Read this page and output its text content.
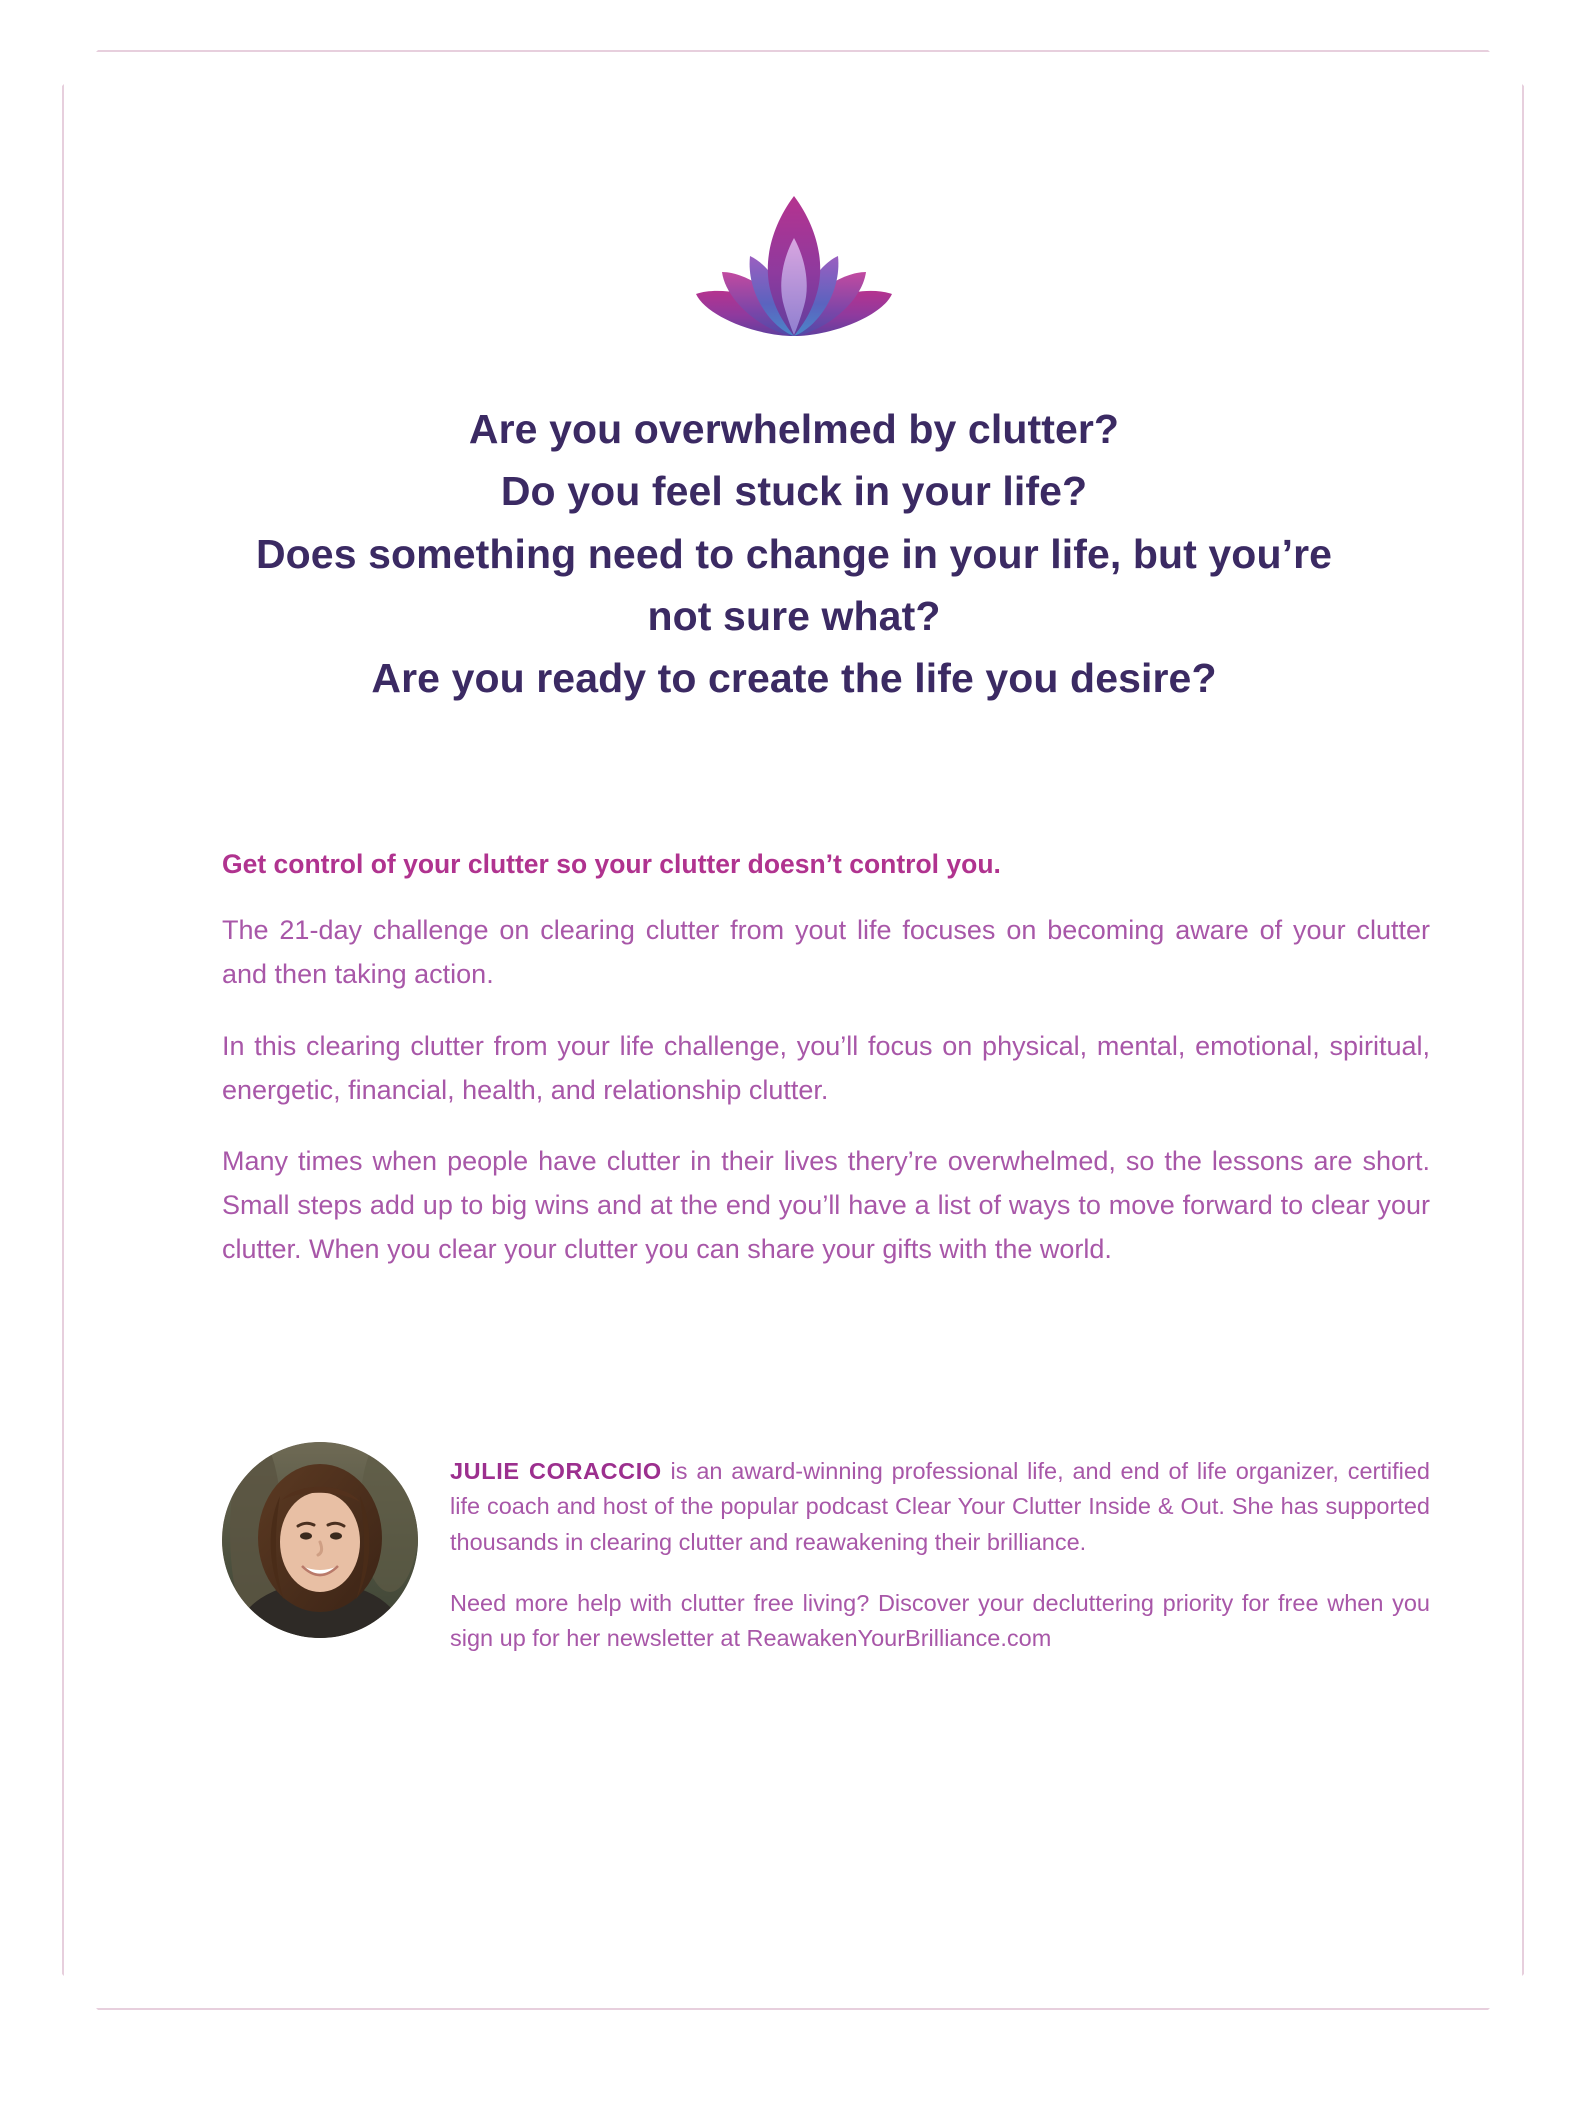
Are you overwhelmed by clutter?
Do you feel stuck in your life?
Does something need to change in your life, but you’re
not sure what?
Are you ready to create the life you desire?

Get control of your clutter so your clutter doesn’t control you.

The 21-day challenge on clearing clutter from yout life focuses on becoming aware of your clutter and then taking action.

In this clearing clutter from your life challenge, you’ll focus on physical, mental, emotional, spiritual, energetic, financial, health, and relationship clutter.

Many times when people have clutter in their lives thery’re overwhelmed, so the lessons are short. Small steps add up to big wins and at the end you’ll have a list of ways to move forward to clear your clutter. When you clear your clutter you can share your gifts with the world.

JULIE CORACCIO is an award-winning professional life, and end of life organizer, certified life coach and host of the popular podcast Clear Your Clutter Inside & Out. She has supported thousands in clearing clutter and reawakening their brilliance.

Need more help with clutter free living? Discover your decluttering priority for free when you sign up for her newsletter at ReawakenYourBrilliance.com
